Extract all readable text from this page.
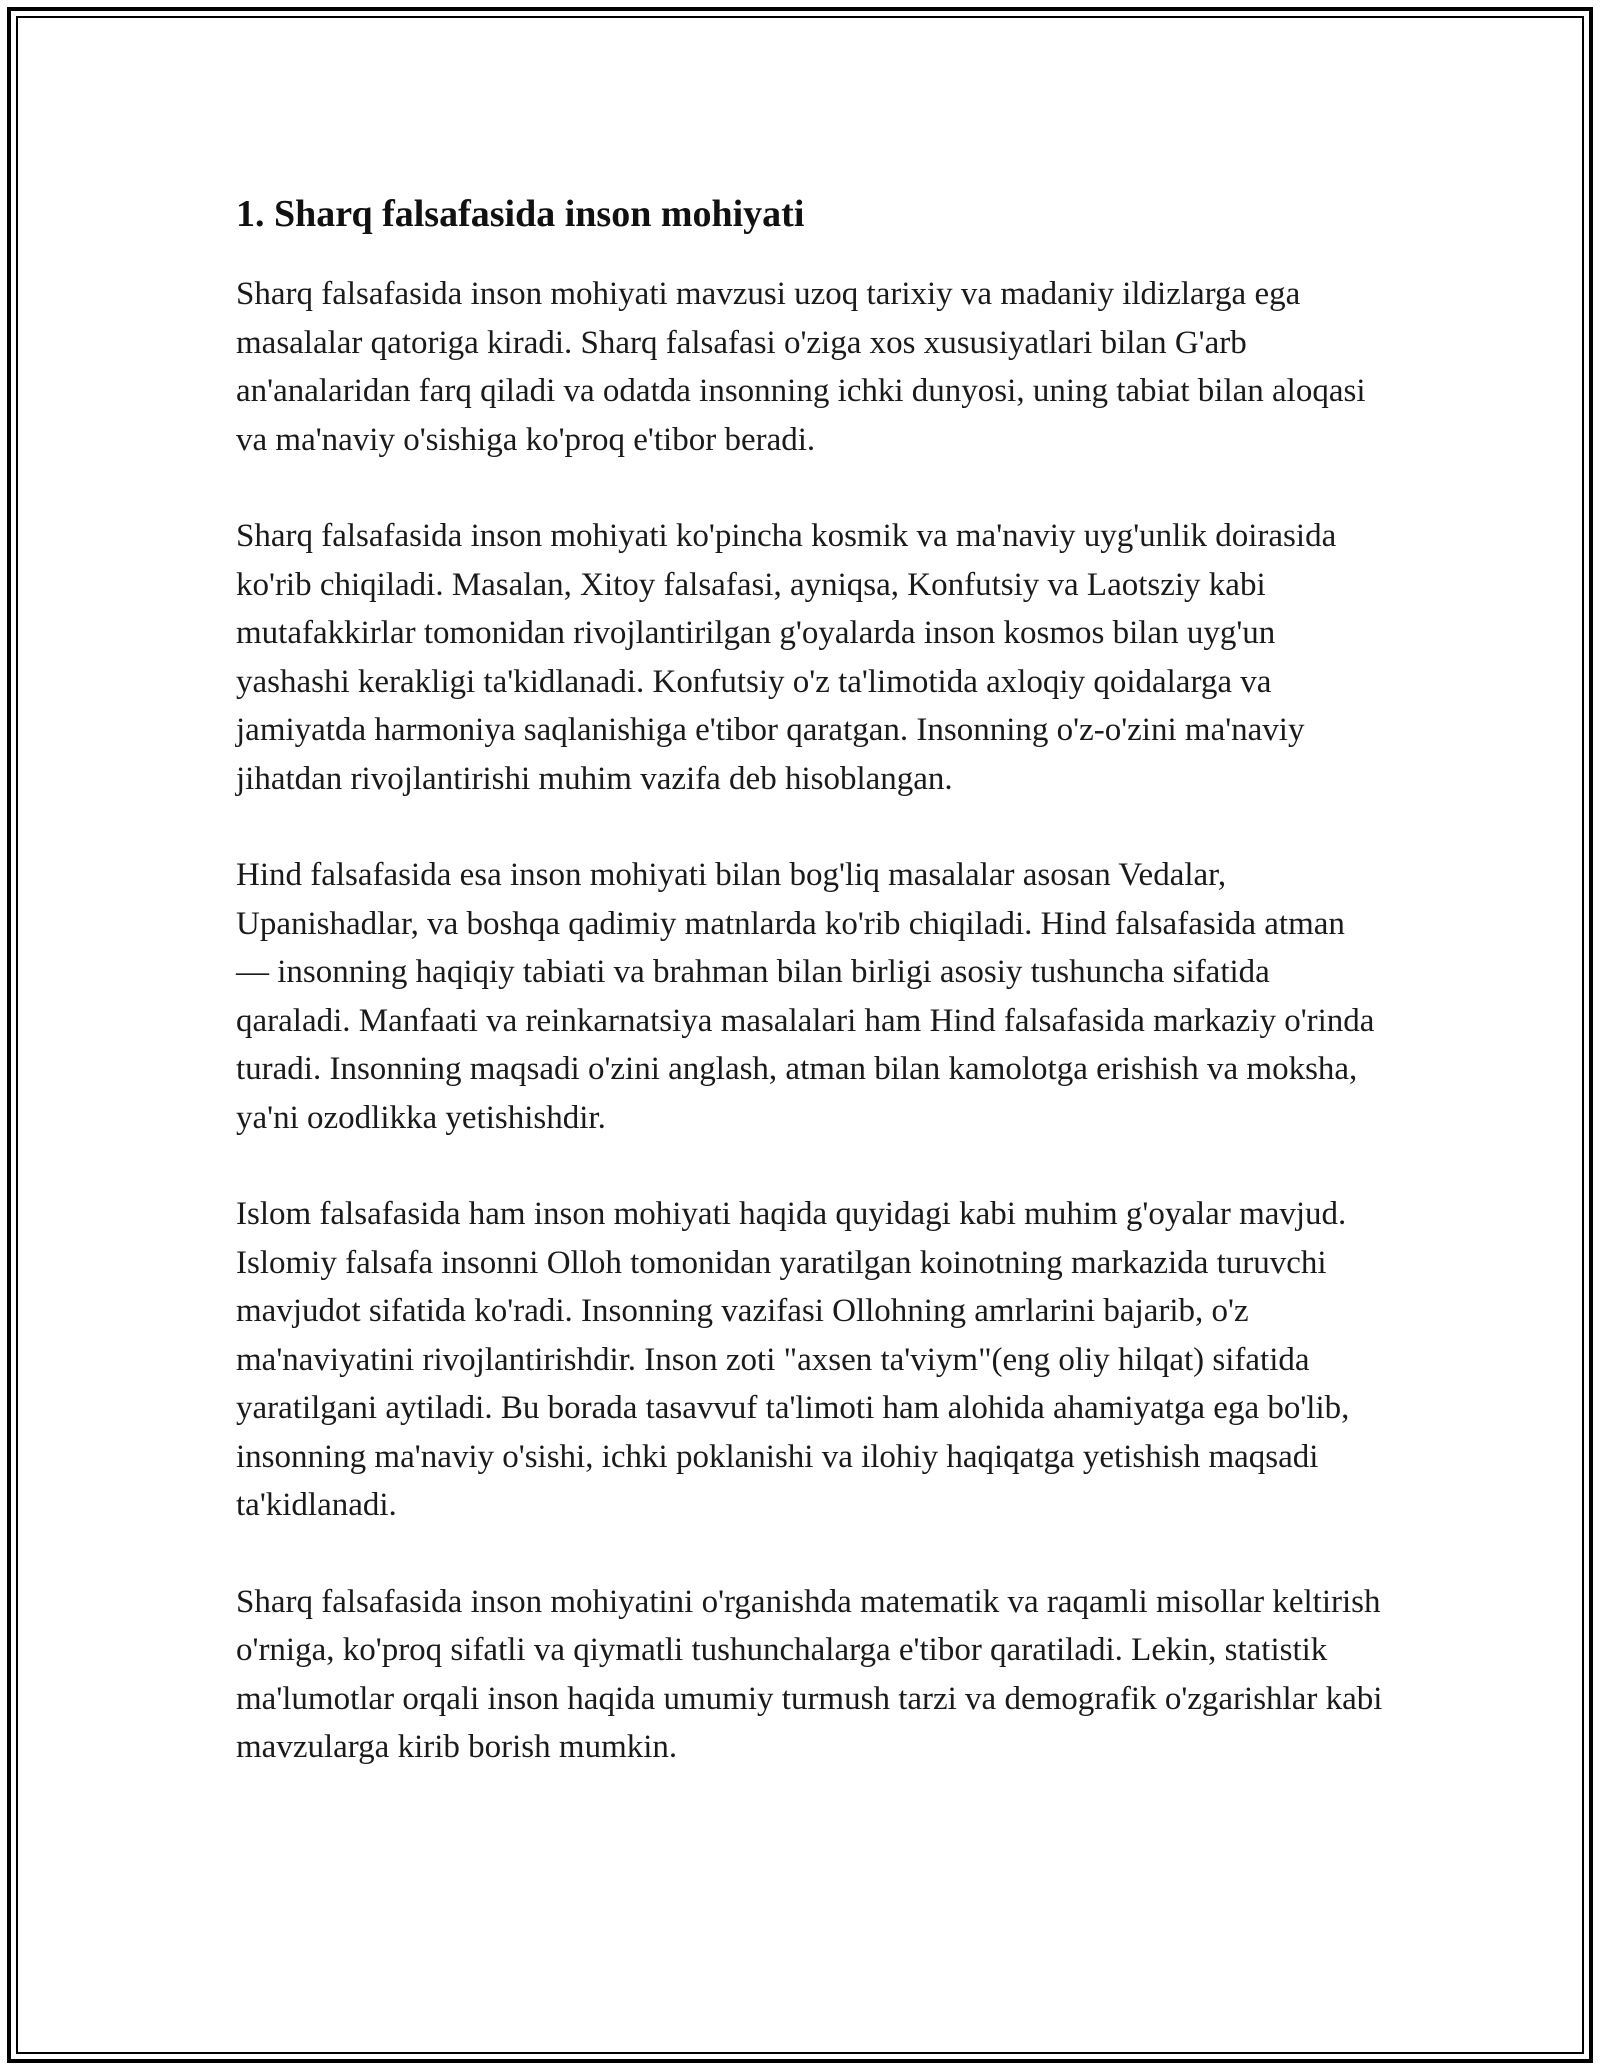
1. Sharq falsafasida inson mohiyati

Sharq falsafasida inson mohiyati mavzusi uzoq tarixiy va madaniy ildizlarga ega masalalar qatoriga kiradi. Sharq falsafasi o'ziga xos xususiyatlari bilan G'arb an'analaridan farq qiladi va odatda insonning ichki dunyosi, uning tabiat bilan aloqasi va ma'naviy o'sishiga ko'proq e'tibor beradi.

Sharq falsafasida inson mohiyati ko'pincha kosmik va ma'naviy uyg'unlik doirasida ko'rib chiqiladi. Masalan, Xitoy falsafasi, ayniqsa, Konfutsiy va Laotsziy kabi mutafakkirlar tomonidan rivojlantirilgan g'oyalarda inson kosmos bilan uyg'un yashashi kerakligi ta'kidlanadi. Konfutsiy o'z ta'limotida axloqiy qoidalarga va jamiyatda harmoniya saqlanishiga e'tibor qaratgan. Insonning o'z-o'zini ma'naviy jihatdan rivojlantirishi muhim vazifa deb hisoblangan.

Hind falsafasida esa inson mohiyati bilan bog'liq masalalar asosan Vedalar, Upanishadlar, va boshqa qadimiy matnlarda ko'rib chiqiladi. Hind falsafasida atman — insonning haqiqiy tabiati va brahman bilan birligi asosiy tushuncha sifatida qaraladi. Manfaati va reinkarnatsiya masalalari ham Hind falsafasida markaziy o'rinda turadi. Insonning maqsadi o'zini anglash, atman bilan kamolotga erishish va moksha, ya'ni ozodlikka yetishishdir.

Islom falsafasida ham inson mohiyati haqida quyidagi kabi muhim g'oyalar mavjud. Islomiy falsafa insonni Olloh tomonidan yaratilgan koinotning markazida turuvchi mavjudot sifatida ko'radi. Insonning vazifasi Ollohning amrlarini bajarib, o'z ma'naviyatini rivojlantirishdir. Inson zoti "axsen ta'viym"(eng oliy hilqat) sifatida yaratilgani aytiladi. Bu borada tasavvuf ta'limoti ham alohida ahamiyatga ega bo'lib, insonning ma'naviy o'sishi, ichki poklanishi va ilohiy haqiqatga yetishish maqsadi ta'kidlanadi.

Sharq falsafasida inson mohiyatini o'rganishda matematik va raqamli misollar keltirish o'rniga, ko'proq sifatli va qiymatli tushunchalarga e'tibor qaratiladi. Lekin, statistik ma'lumotlar orqali inson haqida umumiy turmush tarzi va demografik o'zgarishlar kabi mavzularga kirib borish mumkin.
